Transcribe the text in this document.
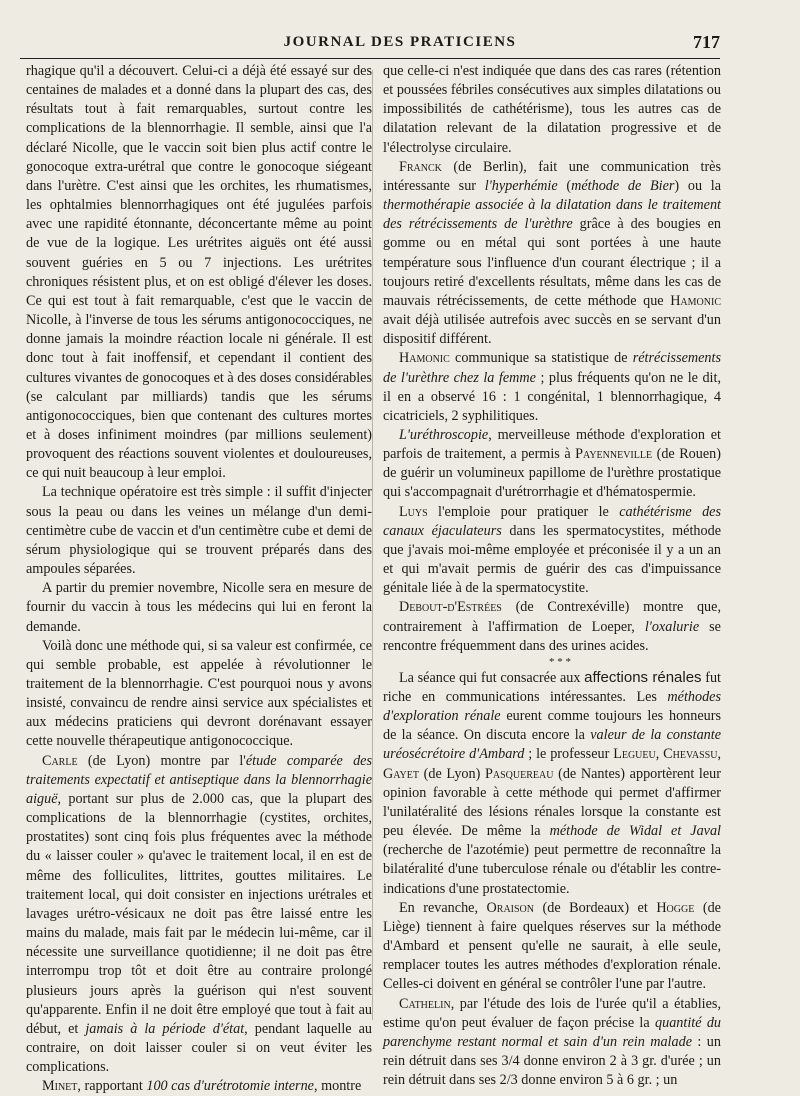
JOURNAL DES PRATICIENS	717

rhagique qu'il a découvert. Celui-ci a déjà été essayé sur des centaines de malades et a donné dans la plupart des cas, des résultats tout à fait remarquables, surtout contre les complications de la blennorrhagie. Il semble, ainsi que l'a déclaré Nicolle, que le vaccin soit bien plus actif contre le gonocoque extra-urétral que contre le gonocoque siégeant dans l'urètre. C'est ainsi que les orchites, les rhumatismes, les ophtalmies blennorrhagiques ont été jugulées parfois avec une rapidité étonnante, déconcertante même au point de vue de la logique. Les urétrites aiguës ont été aussi souvent guéries en 5 ou 7 injections. Les urétrites chroniques résistent plus, et on est obligé d'élever les doses. Ce qui est tout à fait remarquable, c'est que le vaccin de Nicolle, à l'inverse de tous les sérums antigonococciques, ne donne jamais la moindre réaction locale ni générale. Il est donc tout à fait inoffensif, et cependant il contient des cultures vivantes de gonocoques et à des doses considérables (se calculant par milliards) tandis que les sérums antigonococciques, bien que contenant des cultures mortes et à doses infiniment moindres (par millions seulement) provoquent des réactions souvent violentes et douloureuses, ce qui nuit beaucoup à leur emploi.

La technique opératoire est très simple : il suffit d'injecter sous la peau ou dans les veines un mélange d'un demi-centimètre cube de vaccin et d'un centimètre cube et demi de sérum physiologique qui se trouvent préparés dans des ampoules séparées.

A partir du premier novembre, Nicolle sera en mesure de fournir du vaccin à tous les médecins qui lui en feront la demande.

Voilà donc une méthode qui, si sa valeur est confirmée, ce qui semble probable, est appelée à révolutionner le traitement de la blennorrhagie. C'est pourquoi nous y avons insisté, convaincu de rendre ainsi service aux spécialistes et aux médecins praticiens qui devront dorénavant essayer cette nouvelle thérapeutique antigonococcique.

Carle (de Lyon) montre par l'étude comparée des traitements expectatif et antiseptique dans la blennorrhagie aiguë, portant sur plus de 2.000 cas, que la plupart des complications de la blennorrhagie (cystites, orchites, prostatites) sont cinq fois plus fréquentes avec la méthode du « laisser couler » qu'avec le traitement local, il en est de même des folliculites, littrites, gouttes militaires. Le traitement local, qui doit consister en injections urétrales et lavages urétro-vésicaux ne doit pas être laissé entre les mains du malade, mais fait par le médecin lui-même, car il nécessite une surveillance quotidienne; il ne doit pas être interrompu trop tôt et doit être au contraire prolongé plusieurs jours après la guérison qui n'est souvent qu'apparente. Enfin il ne doit être employé que tout à fait au début, et jamais à la période d'état, pendant laquelle au contraire, on doit laisser couler si on veut éviter les complications.

Minet, rapportant 100 cas d'urétrotomie interne, montre

que celle-ci n'est indiquée que dans des cas rares (rétention et poussées fébriles consécutives aux simples dilatations ou impossibilités de cathétérisme), tous les autres cas de dilatation relevant de la dilatation progressive et de l'électrolyse circulaire.

Franck (de Berlin), fait une communication très intéressante sur l'hyperhémie (méthode de Bier) ou la thermothérapie associée à la dilatation dans le traitement des rétrécissements de l'urèthre grâce à des bougies en gomme ou en métal qui sont portées à une haute température sous l'influence d'un courant électrique ; il a toujours retiré d'excellents résultats, même dans les cas de mauvais rétrécissements, de cette méthode que Hamonic avait déjà utilisée autrefois avec succès en se servant d'un dispositif différent.

Hamonic communique sa statistique de rétrécissements de l'urèthre chez la femme ; plus fréquents qu'on ne le dit, il en a observé 16 : 1 congénital, 1 blennorrhagique, 4 cicatriciels, 2 syphilitiques.

L'uréthroscopie, merveilleuse méthode d'exploration et parfois de traitement, a permis à Payenneville (de Rouen) de guérir un volumineux papillome de l'urèthre prostatique qui s'accompagnait d'urétrorrhagie et d'hématospermie.

Luys l'emploie pour pratiquer le cathétérisme des canaux éjaculateurs dans les spermatocystites, méthode que j'avais moi-même employée et préconisée il y a un an et qui m'avait permis de guérir des cas d'impuissance génitale liée à de la spermatocystite.

Debout-d'Estrées (de Contrexéville) montre que, contrairement à l'affirmation de Loeper, l'oxalurie se rencontre fréquemment dans des urines acides.

* * *

La séance qui fut consacrée aux affections rénales fut riche en communications intéressantes. Les méthodes d'exploration rénale eurent comme toujours les honneurs de la séance. On discuta encore la valeur de la constante uréosécrétoire d'Ambard ; le professeur Legueu, Chevassu, Gayet (de Lyon) Pasquereau (de Nantes) apportèrent leur opinion favorable à cette méthode qui permet d'affirmer l'unilatéralité des lésions rénales lorsque la constante est peu élevée. De même la méthode de Widal et Javal (recherche de l'azotémie) peut permettre de reconnaître la bilatéralité d'une tuberculose rénale ou d'établir les contre-indications d'une prostatectomie.

En revanche, Oraison (de Bordeaux) et Hogge (de Liège) tiennent à faire quelques réserves sur la méthode d'Ambard et pensent qu'elle ne saurait, à elle seule, remplacer toutes les autres méthodes d'exploration rénale. Celles-ci doivent en général se contrôler l'une par l'autre.

Cathelin, par l'étude des lois de l'urée qu'il a établies, estime qu'on peut évaluer de façon précise la quantité du parenchyme restant normal et sain d'un rein malade : un rein détruit dans ses 3/4 donne environ 2 à 3 gr. d'urée ; un rein détruit dans ses 2/3 donne environ 5 à 6 gr. ; un
